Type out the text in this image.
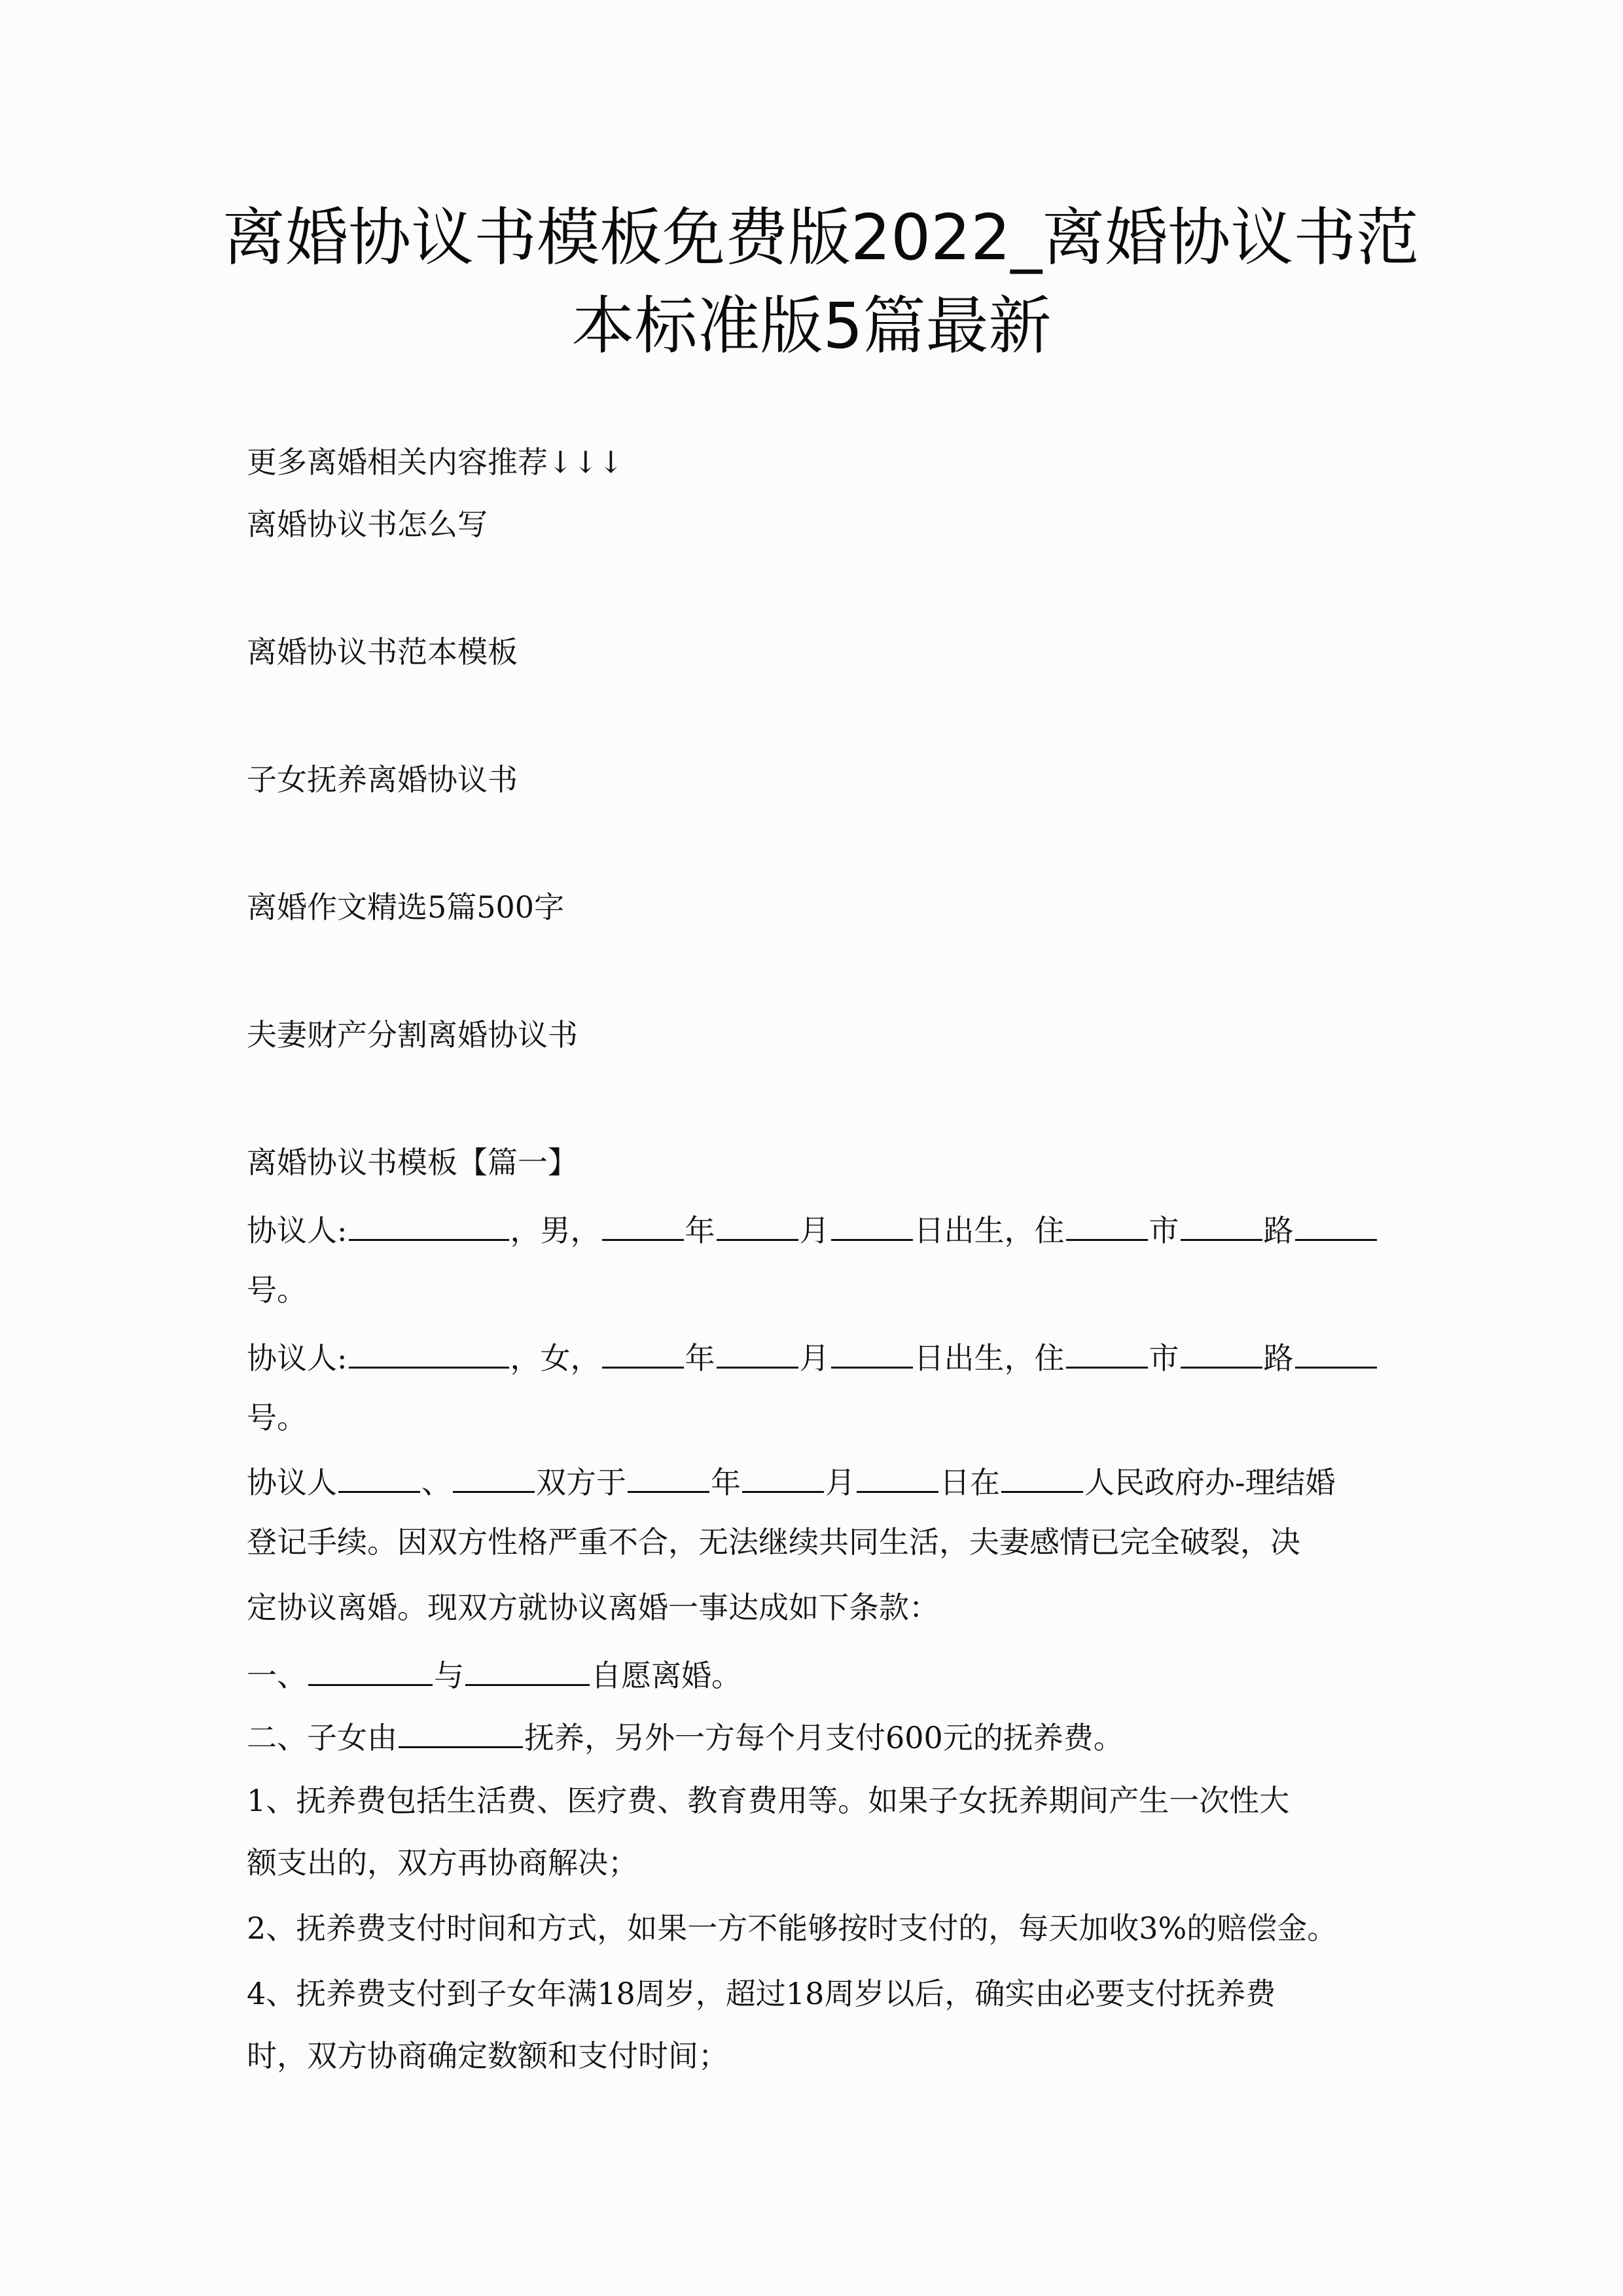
离婚协议书模板免费版2022_离婚协议书范
本标准版5篇最新
更多离婚相关内容推荐↓↓↓
离婚协议书怎么写
离婚协议书范本模板
子女抚养离婚协议书
离婚作文精选5篇500字
夫妻财产分割离婚协议书
离婚协议书模板【篇一】
协议人:	，男，	年	月	日出生，住	市	路
号。
协议人:	，女，	年	月	日出生，住	市	路
号。
协议人	、	双方于	年	月	日在	人民政府办-理结婚
登记手续。因双方性格严重不合，无法继续共同生活，夫妻感情已完全破裂，决
定协议离婚。现双方就协议离婚一事达成如下条款：
一、	与	自愿离婚。
二、子女由	抚养，另外一方每个月支付600元的抚养费。
1、抚养费包括生活费、医疗费、教育费用等。如果子女抚养期间产生一次性大
额支出的，双方再协商解决；
2、抚养费支付时间和方式，如果一方不能够按时支付的，每天加收3%的赔偿金。
4、抚养费支付到子女年满18周岁，超过18周岁以后，确实由必要支付抚养费
时，双方协商确定数额和支付时间；
